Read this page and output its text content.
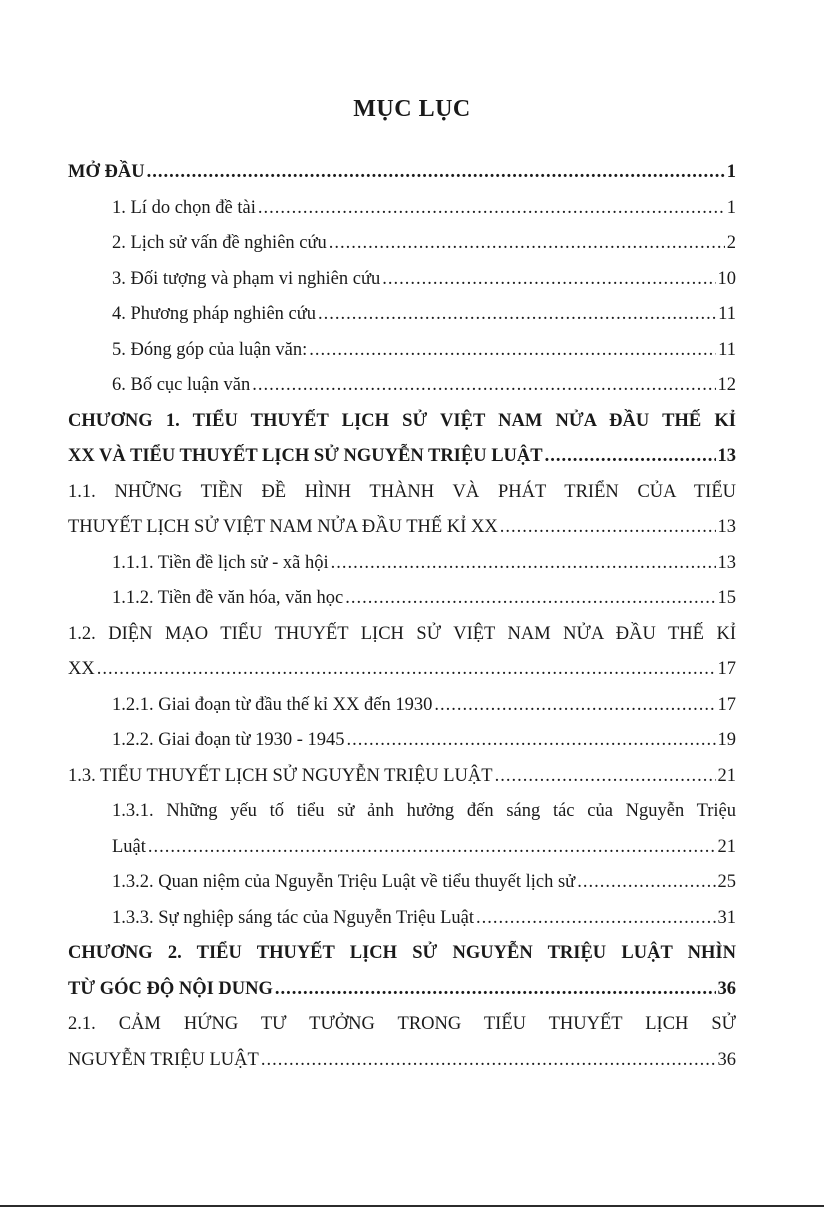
MỤC LỤC
MỞ ĐẦU .....	1
1. Lí do chọn đề tài .....	1
2. Lịch sử vấn đề nghiên cứu .....	2
3. Đối tượng và phạm vi nghiên cứu .....	10
4. Phương pháp nghiên cứu .....	11
5. Đóng góp của luận văn: .....	11
6. Bố cục luận văn .....	12
CHƯƠNG 1. TIỂU THUYẾT LỊCH SỬ VIỆT NAM NỬA ĐẦU THẾ KỈ
XX VÀ TIỂU THUYẾT LỊCH SỬ NGUYỄN TRIỆU LUẬT .....	13
1.1. NHỮNG TIỀN ĐỀ HÌNH THÀNH VÀ PHÁT TRIỂN CỦA TIỂU
THUYẾT LỊCH SỬ VIỆT NAM NỬA ĐẦU THẾ KỈ XX .....	13
1.1.1. Tiền đề lịch sử - xã hội .....	13
1.1.2. Tiền đề văn hóa, văn học .....	15
1.2. DIỆN MẠO TIỂU THUYẾT LỊCH SỬ VIỆT NAM NỬA ĐẦU THẾ KỈ
XX .....	17
1.2.1. Giai đoạn từ đầu thế kỉ XX đến 1930 .....	17
1.2.2. Giai đoạn từ 1930 - 1945 .....	19
1.3. TIỂU THUYẾT LỊCH SỬ NGUYỄN TRIỆU LUẬT .....	21
1.3.1. Những yếu tố tiểu sử ảnh hưởng đến sáng tác của Nguyễn Triệu
Luật .....	21
1.3.2. Quan niệm của Nguyễn Triệu Luật về tiểu thuyết lịch sử .....	25
1.3.3. Sự nghiệp sáng tác của Nguyễn Triệu Luật .....	31
CHƯƠNG 2. TIỂU THUYẾT LỊCH SỬ NGUYỄN TRIỆU LUẬT NHÌN
TỪ GÓC ĐỘ NỘI DUNG .....	36
2.1. CẢM HỨNG TƯ TƯỞNG TRONG TIỂU THUYẾT LỊCH SỬ
NGUYỄN TRIỆU LUẬT .....	36
